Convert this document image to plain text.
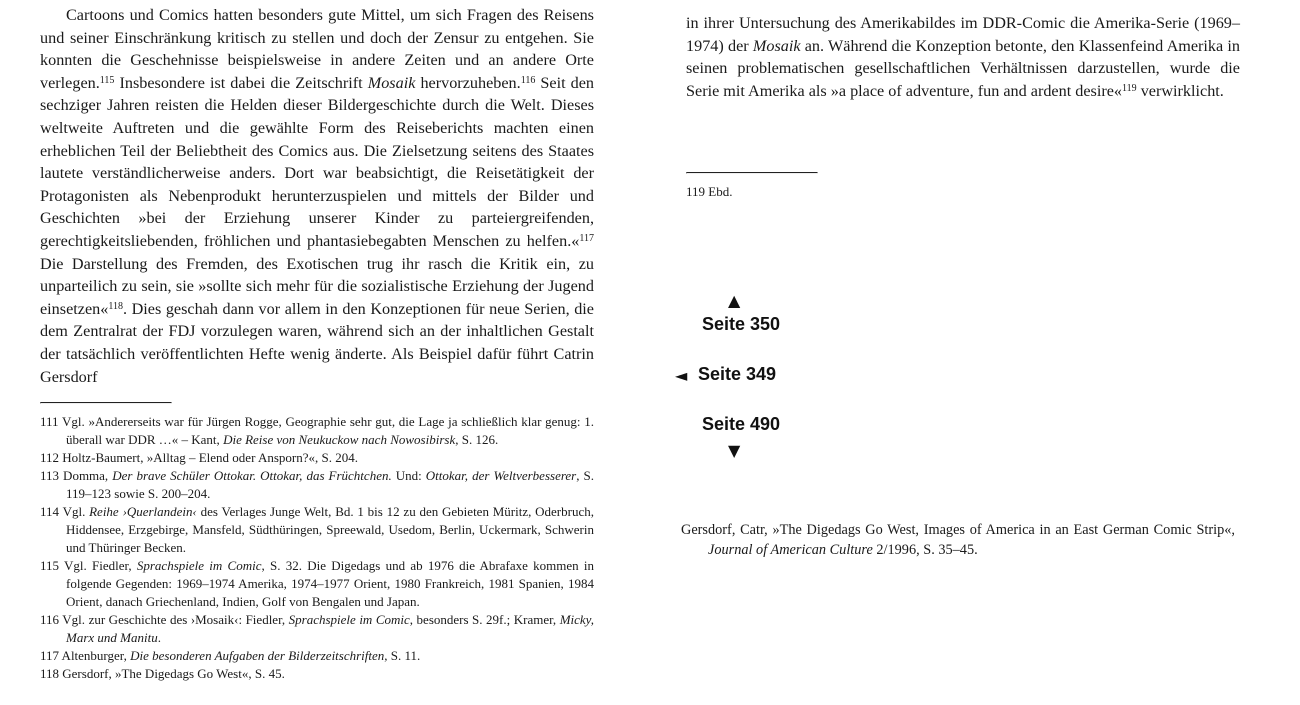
Cartoons und Comics hatten besonders gute Mittel, um sich Fragen des Reisens und seiner Einschränkung kritisch zu stellen und doch der Zensur zu entgehen. Sie konnten die Geschehnisse beispielsweise in andere Zeiten und an andere Orte verlegen.$^{115}$ Insbesondere ist dabei die Zeitschrift Mosaik hervorzuheben.$^{116}$ Seit den sechziger Jahren reisten die Helden dieser Bildergeschichte durch die Welt. Dieses weltweite Auftreten und die gewählte Form des Reiseberichts machten einen erheblichen Teil der Beliebtheit des Comics aus. Die Zielsetzung seitens des Staates lautete verständlicherweise anders. Dort war beabsichtigt, die Reisetätigkeit der Protagonisten als Nebenprodukt herunterzuspielen und mittels der Bilder und Geschichten »bei der Erziehung unserer Kinder zu parteiergreifenden, gerechtigkeitsliebenden, fröhlichen und phantasiebegabten Menschen zu helfen.«$^{117}$ Die Darstellung des Fremden, des Exotischen trug ihr rasch die Kritik ein, zu unparteilich zu sein, sie »sollte sich mehr für die sozialistische Erziehung der Jugend einsetzen«$^{118}$. Dies geschah dann vor allem in den Konzeptionen für neue Serien, die dem Zentralrat der FDJ vorzulegen waren, während sich an der inhaltlichen Gestalt der tatsächlich veröffentlichten Hefte wenig änderte. Als Beispiel dafür führt Catrin Gersdorf

111 Vgl. »Andererseits war für Jürgen Rogge, Geographie sehr gut, die Lage ja schließlich klar genug: 1. überall war DDR …« – Kant, Die Reise von Neukuckow nach Nowosibirsk, S. 126.

112 Holtz-Baumert, »Alltag – Elend oder Ansporn?«, S. 204.

113 Domma, Der brave Schüler Ottokar. Ottokar, das Früchtchen. Und: Ottokar, der Weltverbesserer, S. 119–123 sowie S. 200–204.

114 Vgl. Reihe ›Querlandein‹ des Verlages Junge Welt, Bd. 1 bis 12 zu den Gebieten Müritz, Oderbruch, Hiddensee, Erzgebirge, Mansfeld, Südthüringen, Spreewald, Usedom, Berlin, Uckermark, Schwerin und Thüringer Becken.

115 Vgl. Fiedler, Sprachspiele im Comic, S. 32. Die Digedags und ab 1976 die Abrafaxe kommen in folgende Gegenden: 1969–1974 Amerika, 1974–1977 Orient, 1980 Frankreich, 1981 Spanien, 1984 Orient, danach Griechenland, Indien, Golf von Bengalen und Japan.

116 Vgl. zur Geschichte des ›Mosaik‹: Fiedler, Sprachspiele im Comic, besonders S. 29f.; Kramer, Micky, Marx und Manitu.

117 Altenburger, Die besonderen Aufgaben der Bilderzeitschriften, S. 11.

118 Gersdorf, »The Digedags Go West«, S. 45.

in ihrer Untersuchung des Amerikabildes im DDR-Comic die Amerika-Serie (1969–1974) der Mosaik an. Während die Konzeption betonte, den Klassenfeind Amerika in seinen problematischen gesellschaftlichen Verhältnissen darzustellen, wurde die Serie mit Amerika als »a place of adventure, fun and ardent desire«$^{119}$ verwirklicht.

119 Ebd.
▲
Seite 350
◄ Seite 349
Seite 490
▼

Gersdorf, Catr, »The Digedags Go West, Images of America in an East German Comic Strip«, Journal of American Culture 2/1996, S. 35–45.
